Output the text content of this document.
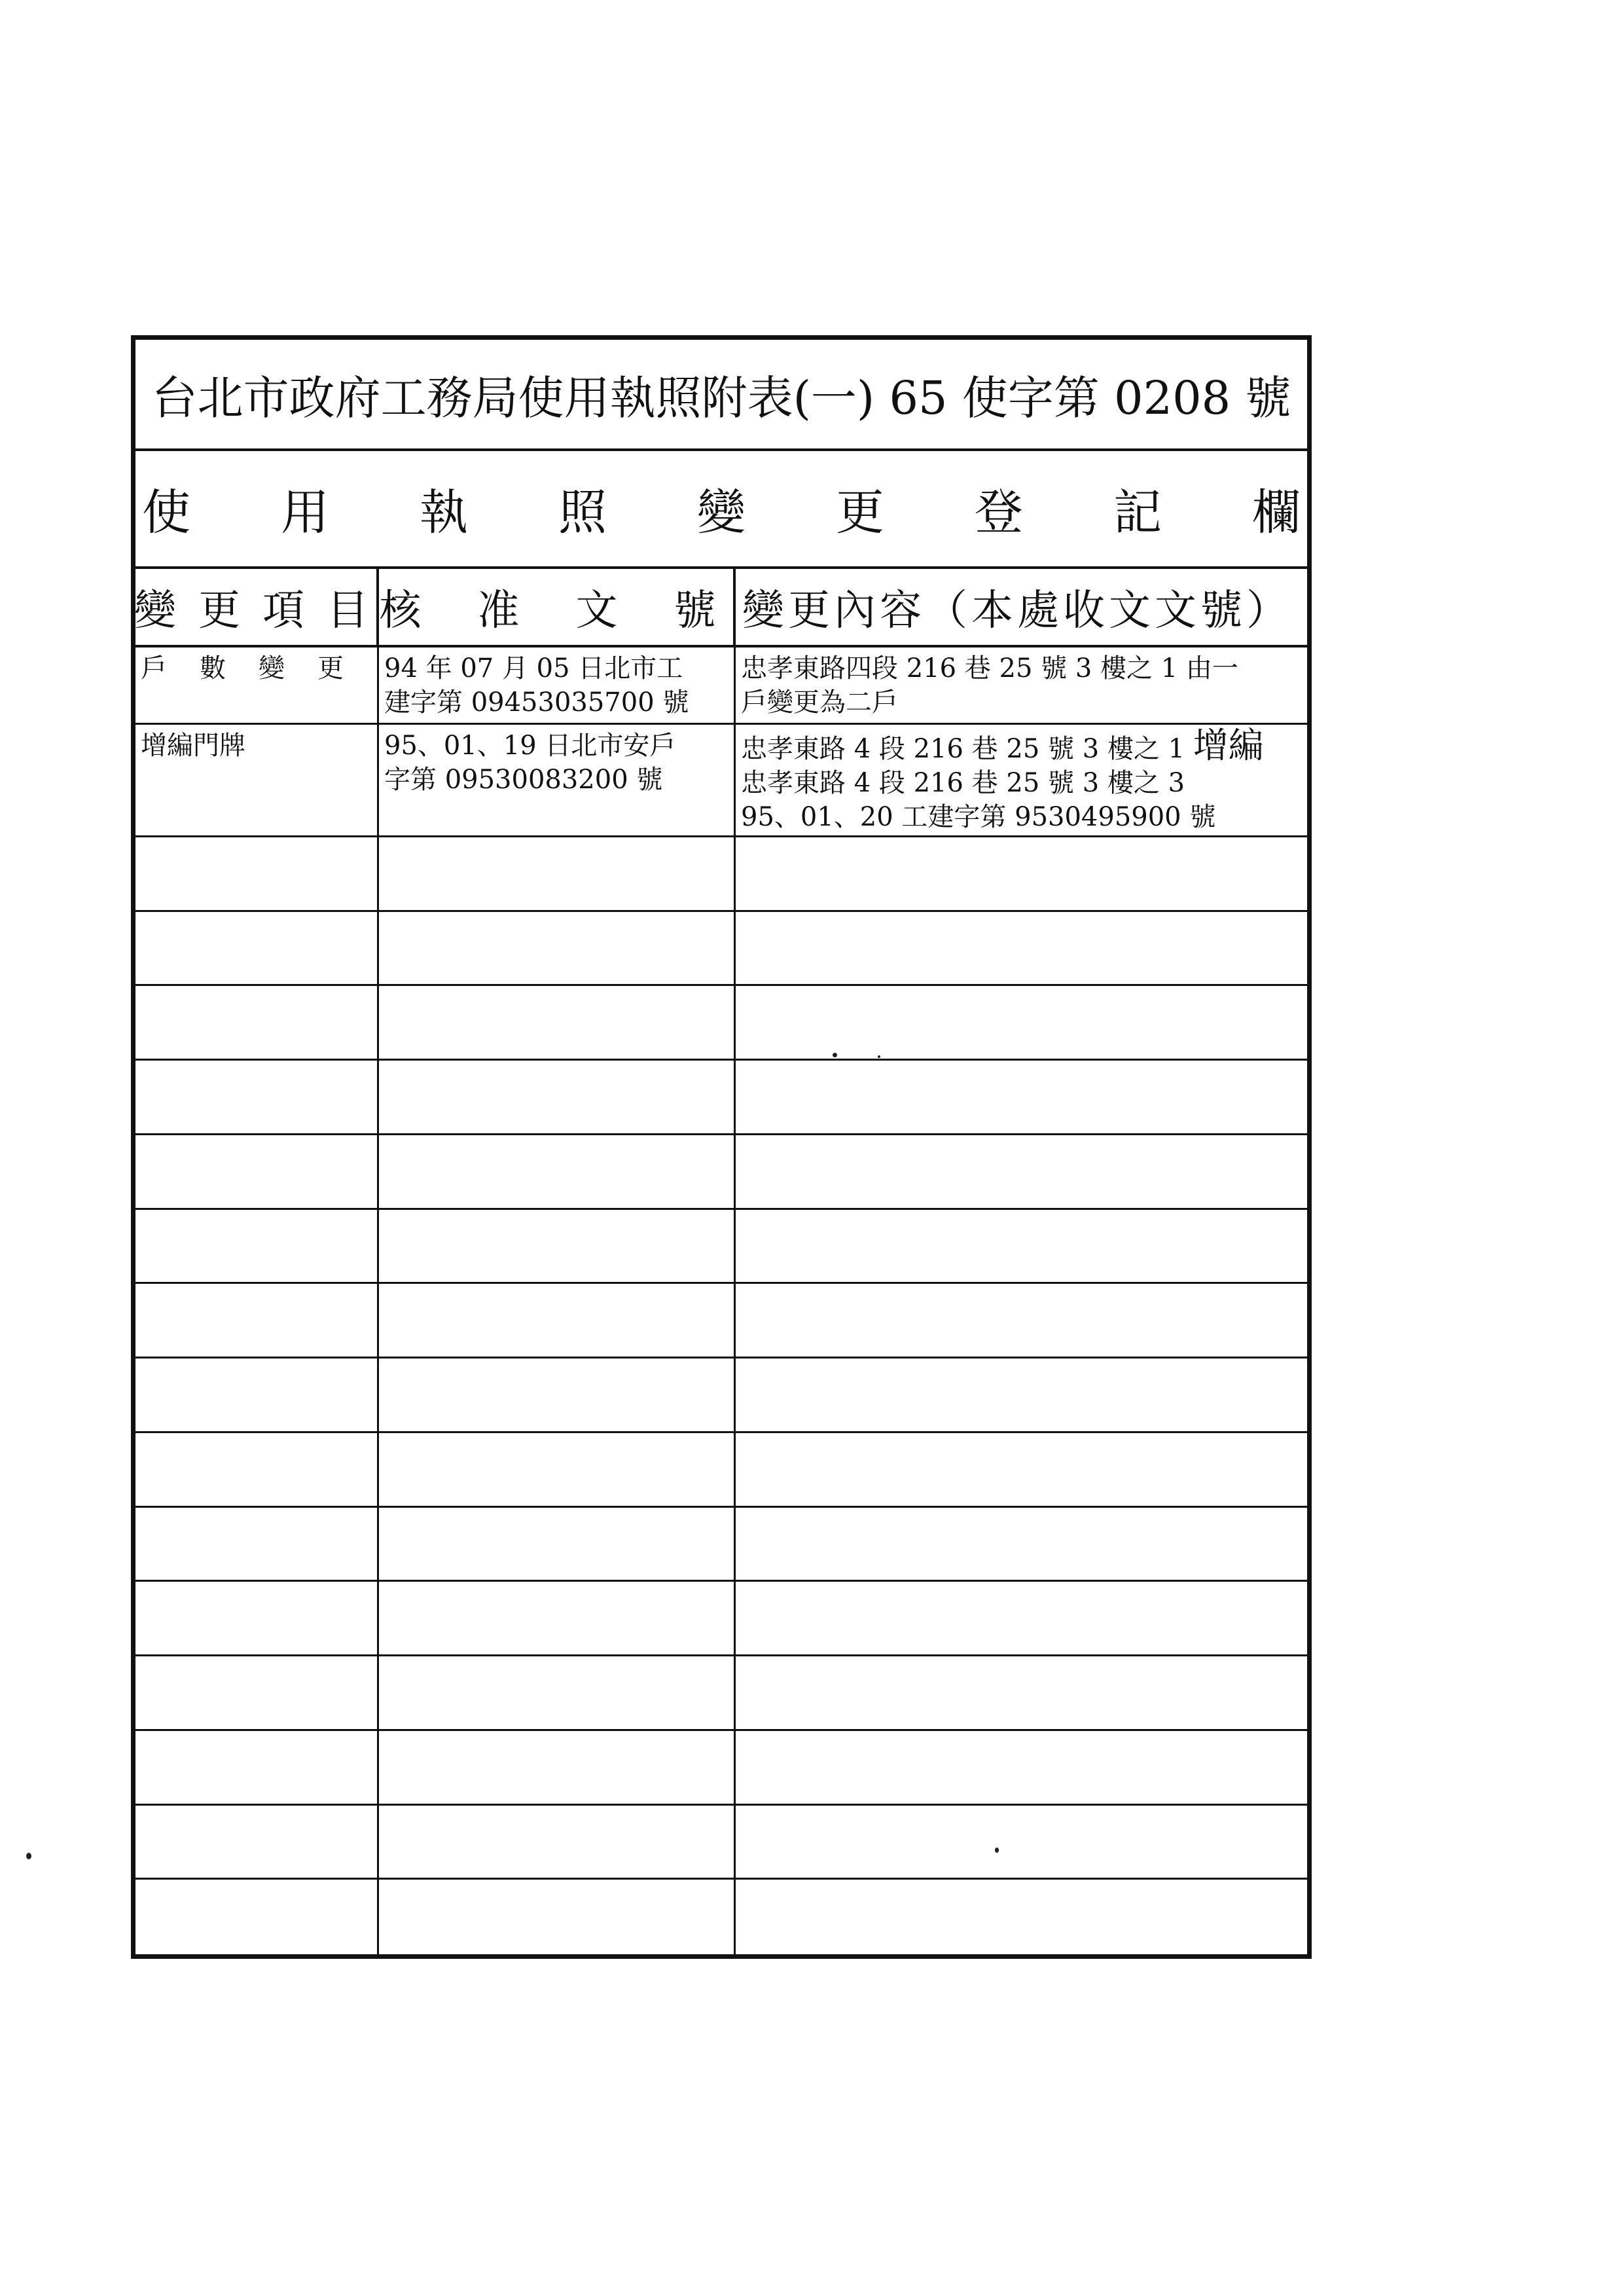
台北市政府工務局使用執照附表(一) 65 使字第 0208 號
使用執照變更登記欄
變更項目
核准文號
變更內容（本處收文文號）
戶數變更 94 年 07 月 05 日北市工
建字第 09453035700 號
忠孝東路四段 216 巷 25 號 3 樓之 1 由一
戶變更為二戶
增編門牌	95、01、19 日北市安戶
字第 09530083200 號
忠孝東路 4 段 216 巷 25 號 3 樓之 1 增編
忠孝東路 4 段 216 巷 25 號 3 樓之 3
95、01、20 工建字第 9530495900 號
